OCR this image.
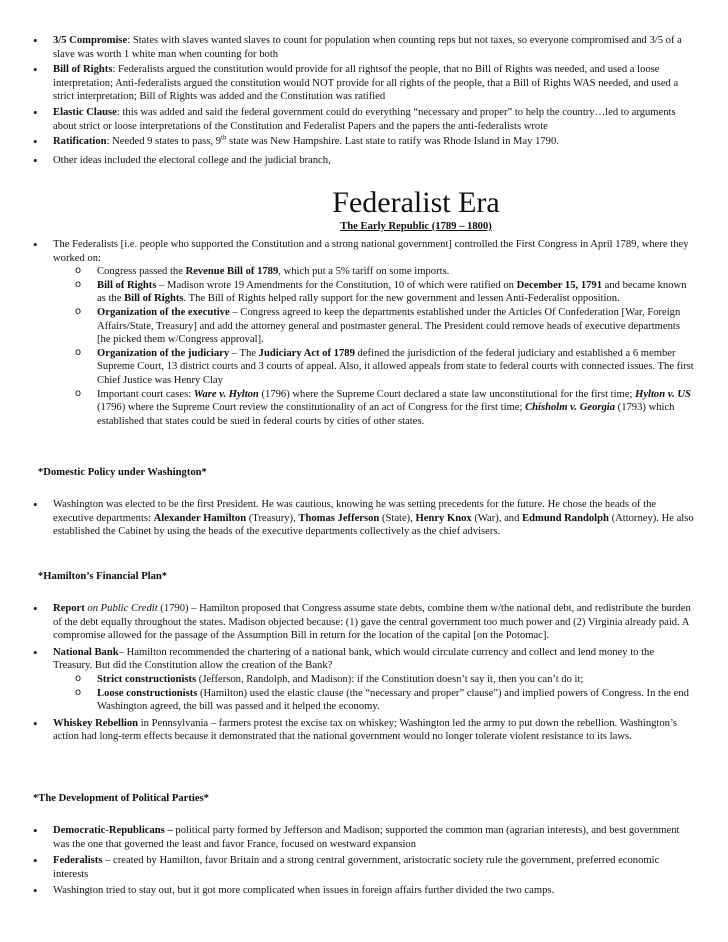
• 3/5 Compromise: States with slaves wanted slaves to count for population when counting reps but not taxes, so everyone compromised and 3/5 of a slave was worth 1 white man when counting for both
• Bill of Rights: Federalists argued the constitution would provide for all rightsof the people, that no Bill of Rights was needed, and used a loose interpretation; Anti-federalists argued the constitution would NOT provide for all rights of the people, that a Bill of Rights WAS needed, and used a strict interpretation; Bill of Rights was added and the Constitution was ratified
• Elastic Clause: this was added and said the federal government could do everything “necessary and proper” to help the country…led to arguments about strict or loose interpretations of the Constitution and Federalist Papers and the papers the anti-federalists wrote
• Ratification: Needed 9 states to pass, 9th state was New Hampshire. Last state to ratify was Rhode Island in May 1790.
• Other ideas included the electoral college and the judicial branch,
Federalist Era
The Early Republic (1789 – 1800)
• The Federalists [i.e. people who supported the Constitution and a strong national government] controlled the First Congress in April 1789, where they worked on:
o Congress passed the Revenue Bill of 1789, which put a 5% tariff on some imports.
o Bill of Rights – Madison wrote 19 Amendments for the Constitution, 10 of which were ratified on December 15, 1791 and became known as the Bill of Rights. The Bill of Rights helped rally support for the new government and lessen Anti-Federalist opposition.
o Organization of the executive – Congress agreed to keep the departments established under the Articles Of Confederation [War, Foreign Affairs/State, Treasury] and add the attorney general and postmaster general. The President could remove heads of executive departments [he picked them w/Congress approval].
o Organization of the judiciary – The Judiciary Act of 1789 defined the jurisdiction of the federal judiciary and established a 6 member Supreme Court, 13 district courts and 3 courts of appeal. Also, it allowed appeals from state to federal courts with connected issues. The first Chief Justice was Henry Clay
o Important court cases: Ware v. Hylton (1796) where the Supreme Court declared a state law unconstitutional for the first time; Hylton v. US (1796) where the Supreme Court review the constitutionality of an act of Congress for the first time; Chisholm v. Georgia (1793) which established that states could be sued in federal courts by cities of other states.
*Domestic Policy under Washington*
• Washington was elected to be the first President. He was cautious, knowing he was setting precedents for the future. He chose the heads of the executive departments: Alexander Hamilton (Treasury), Thomas Jefferson (State), Henry Knox (War), and Edmund Randolph (Attorney). He also established the Cabinet by using the heads of the executive departments collectively as the chief advisers.
*Hamilton’s Financial Plan*
• Report on Public Credit (1790) – Hamilton proposed that Congress assume state debts, combine them w/the national debt, and redistribute the burden of the debt equally throughout the states. Madison objected because: (1) gave the central government too much power and (2) Virginia already paid. A compromise allowed for the passage of the Assumption Bill in return for the location of the capital [on the Potomac].
• National Bank– Hamilton recommended the chartering of a national bank, which would circulate currency and collect and lend money to the Treasury. But did the Constitution allow the creation of the Bank?
o Strict constructionists (Jefferson, Randolph, and Madison): if the Constitution doesn’t say it, then you can’t do it;
o Loose constructionists (Hamilton) used the elastic clause (the “necessary and proper” clause”) and implied powers of Congress. In the end Washington agreed, the bill was passed and it helped the economy.
• Whiskey Rebellion in Pennsylvania – farmers protest the excise tax on whiskey; Washington led the army to put down the rebellion. Washington’s action had long-term effects because it demonstrated that the national government would no longer tolerate violent resistance to its laws.
*The Development of Political Parties*
• Democratic-Republicans – political party formed by Jefferson and Madison; supported the common man (agrarian interests), and best government was the one that governed the least and favor France, focused on westward expansion
• Federalists – created by Hamilton, favor Britain and a strong central government, aristocratic society rule the government, preferred economic interests
• Washington tried to stay out, but it got more complicated when issues in foreign affairs further divided the two camps.
